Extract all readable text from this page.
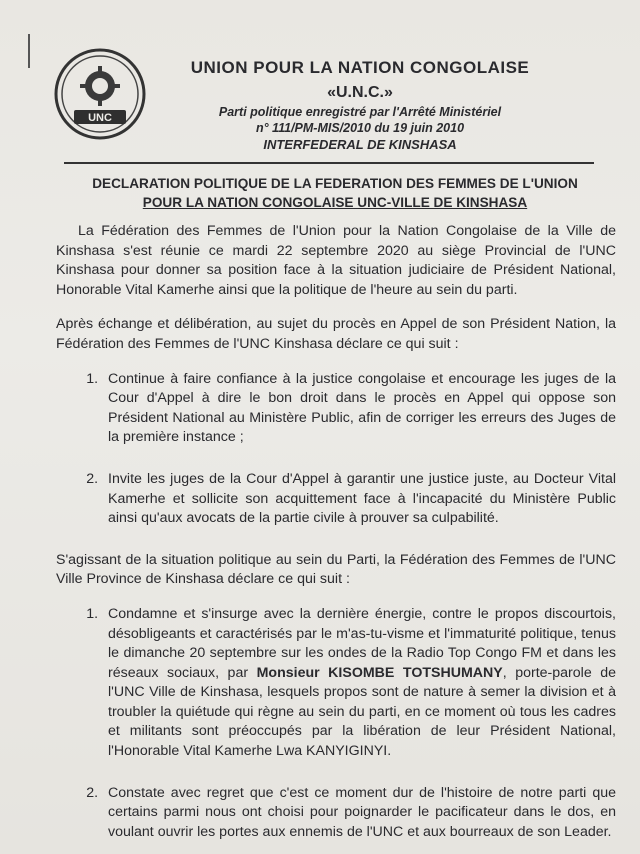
UNC

UNION POUR LA NATION CONGOLAISE

«U.N.C.»

Parti politique enregistré par l'Arrêté Ministériel

n° 111/PM-MIS/2010 du 19 juin 2010

INTERFEDERAL DE KINSHASA

DECLARATION POLITIQUE DE LA FEDERATION DES FEMMES DE L'UNION
POUR LA NATION CONGOLAISE UNC-VILLE DE KINSHASA

La Fédération des Femmes de l'Union pour la Nation Congolaise de la Ville de Kinshasa s'est réunie ce mardi 22 septembre 2020 au siège Provincial de l'UNC Kinshasa pour donner sa position face à la situation judiciaire de Président National, Honorable Vital Kamerhe ainsi que la politique de l'heure au sein du parti.

Après échange et délibération, au sujet du procès en Appel de son Président Nation, la Fédération des Femmes de l'UNC Kinshasa déclare ce qui suit :

1. Continue à faire confiance à la justice congolaise et encourage les juges de la Cour d'Appel à dire le bon droit dans le procès en Appel qui oppose son Président National au Ministère Public, afin de corriger les erreurs des Juges de la première instance ;
2. Invite les juges de la Cour d'Appel à garantir une justice juste, au Docteur Vital Kamerhe et sollicite son acquittement face à l'incapacité du Ministère Public ainsi qu'aux avocats de la partie civile à prouver sa culpabilité.

S'agissant de la situation politique au sein du Parti, la Fédération des Femmes de l'UNC Ville Province de Kinshasa déclare ce qui suit :

1. Condamne et s'insurge avec la dernière énergie, contre le propos discourtois, désobligeants et caractérisés par le m'as-tu-visme et l'immaturité politique, tenus le dimanche 20 septembre sur les ondes de la Radio Top Congo FM et dans les réseaux sociaux, par Monsieur KISOMBE TOTSHUMANY, porte-parole de l'UNC Ville de Kinshasa, lesquels propos sont de nature à semer la division et à troubler la quiétude qui règne au sein du parti, en ce moment où tous les cadres et militants sont préoccupés par la libération de leur Président National, l'Honorable Vital Kamerhe Lwa KANYIGINYI.
2. Constate avec regret que c'est ce moment dur de l'histoire de notre parti que certains parmi nous ont choisi pour poignarder le pacificateur dans le dos, en voulant ouvrir les portes aux ennemis de l'UNC et aux bourreaux de son Leader.
